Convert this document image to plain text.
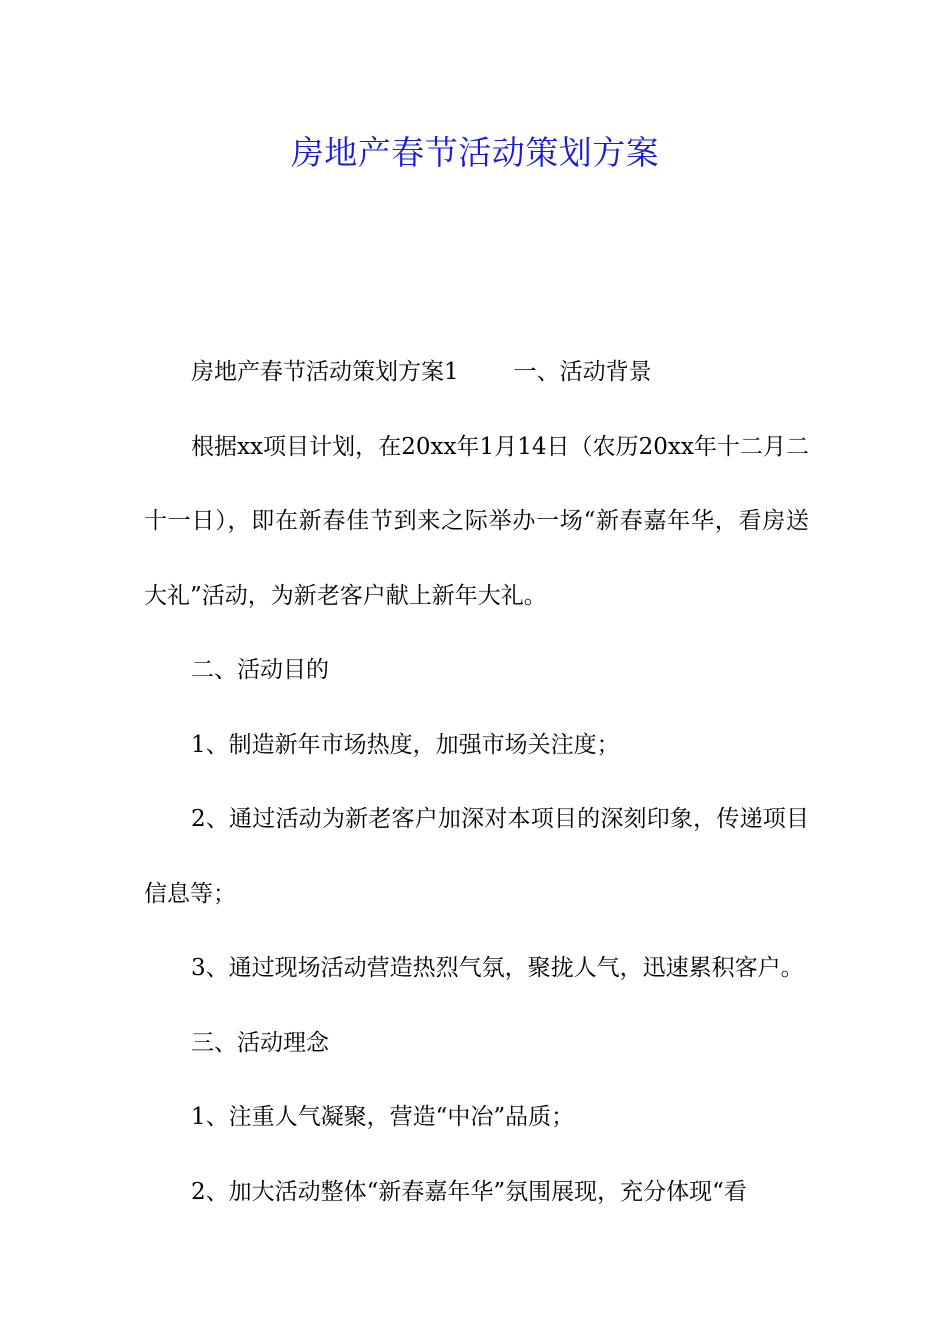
房地产春节活动策划方案

房地产春节活动策划方案1 一、活动背景

根据xx项目计划，在20xx年1月14日（农历20xx年十二月二十一日），即在新春佳节到来之际举办一场“新春嘉年华，看房送大礼”活动，为新老客户献上新年大礼。

二、活动目的

1、制造新年市场热度，加强市场关注度；

2、通过活动为新老客户加深对本项目的深刻印象，传递项目信息等；

3、通过现场活动营造热烈气氛，聚拢人气，迅速累积客户。

三、活动理念

1、注重人气凝聚，营造“中冶”品质；

2、加大活动整体“新春嘉年华”氛围展现，充分体现“看
